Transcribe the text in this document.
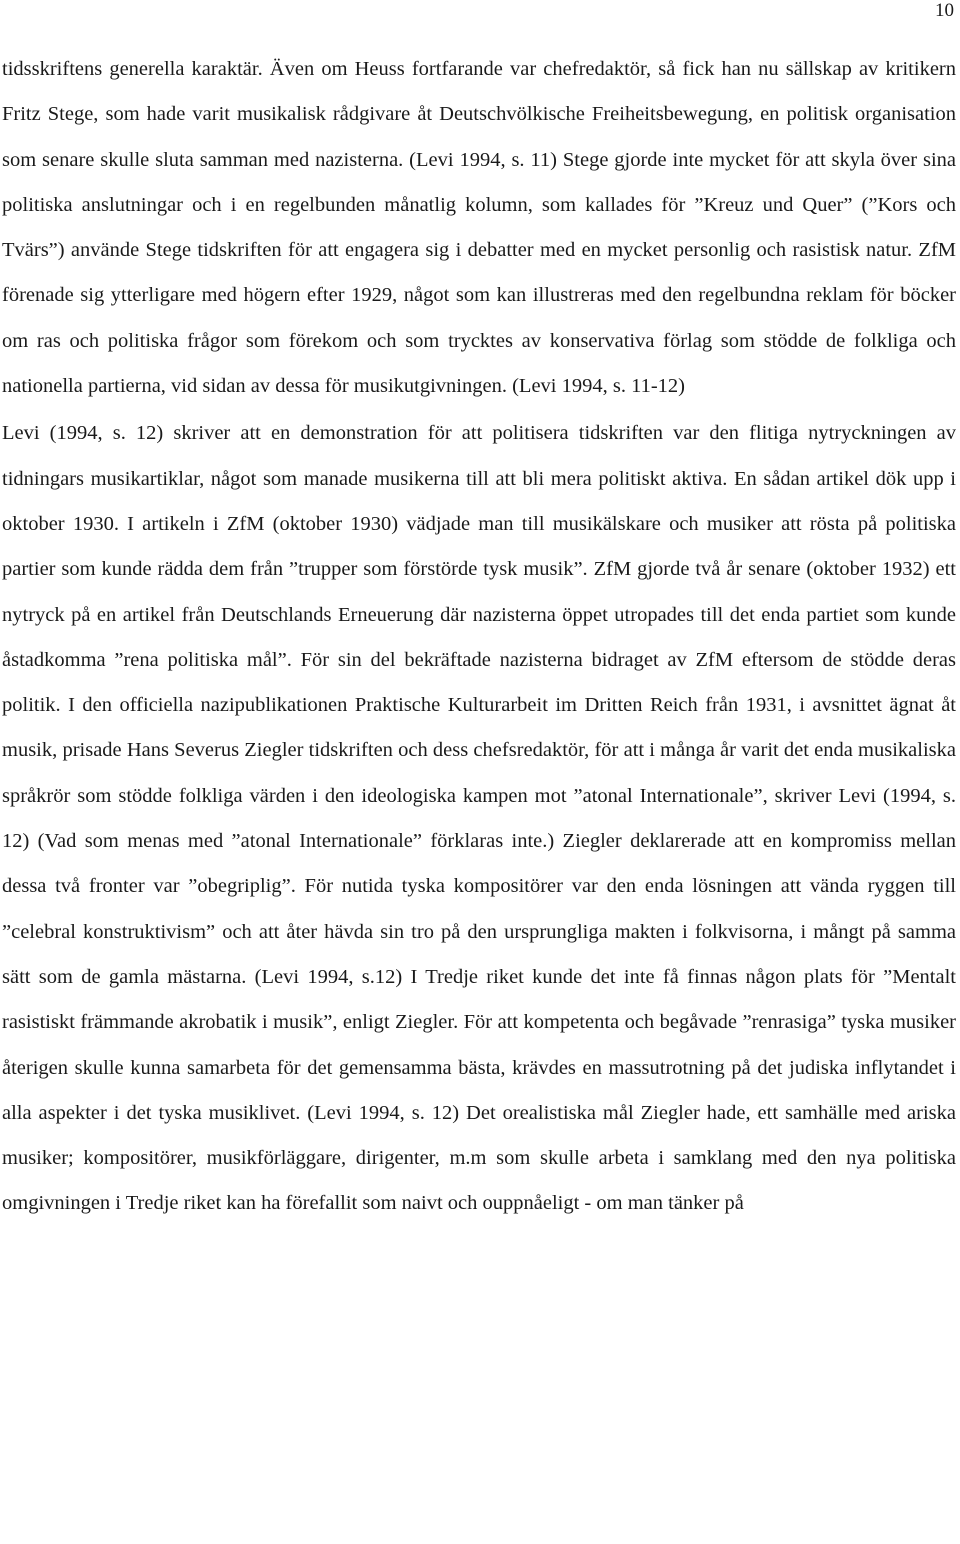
10

tidsskriftens generella karaktär. Även om Heuss fortfarande var chefredaktör, så fick han nu sällskap av kritikern Fritz Stege, som hade varit musikalisk rådgivare åt Deutschvölkische Freiheitsbewegung, en politisk organisation som senare skulle sluta samman med nazisterna. (Levi 1994, s. 11) Stege gjorde inte mycket för att skyla över sina politiska anslutningar och i en regelbunden månatlig kolumn, som kallades för ”Kreuz und Quer” (”Kors och Tvärs”) använde Stege tidskriften för att engagera sig i debatter med en mycket personlig och rasistisk natur. ZfM förenade sig ytterligare med högern efter 1929, något som kan illustreras med den regelbundna reklam för böcker om ras och politiska frågor som förekom och som trycktes av konservativa förlag som stödde de folkliga och nationella partierna, vid sidan av dessa för musikutgivningen. (Levi 1994, s. 11-12)

Levi (1994, s. 12) skriver att en demonstration för att politisera tidskriften var den flitiga nytryckningen av tidningars musikartiklar, något som manade musikerna till att bli mera politiskt aktiva. En sådan artikel dök upp i oktober 1930. I artikeln i ZfM (oktober 1930) vädjade man till musikälskare och musiker att rösta på politiska partier som kunde rädda dem från ”trupper som förstörde tysk musik”. ZfM gjorde två år senare (oktober 1932) ett nytryck på en artikel från Deutschlands Erneuerung där nazisterna öppet utropades till det enda partiet som kunde åstadkomma ”rena politiska mål”. För sin del bekräftade nazisterna bidraget av ZfM eftersom de stödde deras politik. I den officiella nazipublikationen Praktische Kulturarbeit im Dritten Reich från 1931, i avsnittet ägnat åt musik, prisade Hans Severus Ziegler tidskriften och dess chefsredaktör, för att i många år varit det enda musikaliska språkrör som stödde folkliga värden i den ideologiska kampen mot ”atonal Internationale”, skriver Levi (1994, s. 12) (Vad som menas med ”atonal Internationale” förklaras inte.) Ziegler deklarerade att en kompromiss mellan dessa två fronter var ”obegriplig”. För nutida tyska kompositörer var den enda lösningen att vända ryggen till ”celebral konstruktivism” och att åter hävda sin tro på den ursprungliga makten i folkvisorna, i mångt på samma sätt som de gamla mästarna. (Levi 1994, s.12) I Tredje riket kunde det inte få finnas någon plats för ”Mentalt rasistiskt främmande akrobatik i musik”, enligt Ziegler. För att kompetenta och begåvade ”renrasiga” tyska musiker återigen skulle kunna samarbeta för det gemensamma bästa, krävdes en massutrotning på det judiska inflytandet i alla aspekter i det tyska musiklivet. (Levi 1994, s. 12) Det orealistiska mål Ziegler hade, ett samhälle med ariska musiker; kompositörer, musikförläggare, dirigenter, m.m som skulle arbeta i samklang med den nya politiska omgivningen i Tredje riket kan ha förefallit som naivt och ouppnåeligt - om man tänker på
